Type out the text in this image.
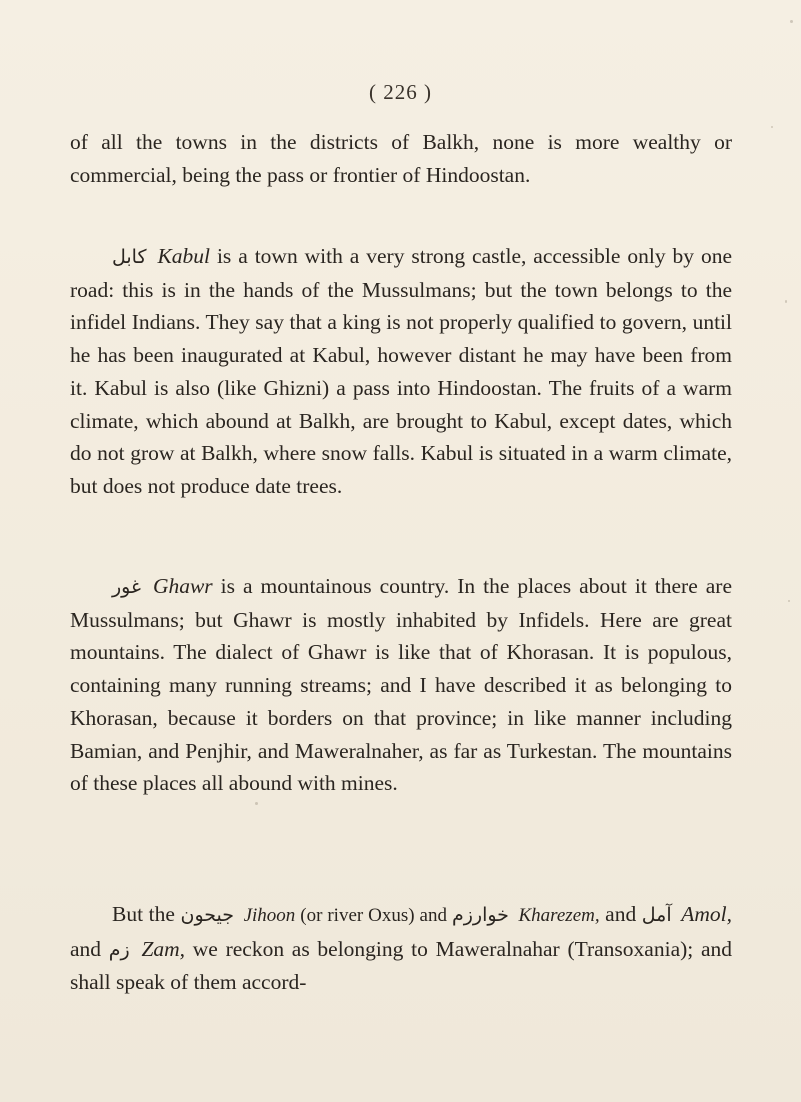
( 226 )

of all the towns in the districts of Balkh, none is more wealthy or commercial, being the pass or frontier of Hindoostan.

کابل Kabul is a town with a very strong castle, accessible only by one road: this is in the hands of the Mussulmans; but the town belongs to the infidel Indians. They say that a king is not properly qualified to govern, until he has been inaugurated at Kabul, however distant he may have been from it. Kabul is also (like Ghizni) a pass into Hindoostan. The fruits of a warm climate, which abound at Balkh, are brought to Kabul, except dates, which do not grow at Balkh, where snow falls. Kabul is situated in a warm climate, but does not produce date trees.

غور Ghawr is a mountainous country. In the places about it there are Mussulmans; but Ghawr is mostly inhabited by Infidels. Here are great mountains. The dialect of Ghawr is like that of Khorasan. It is populous, containing many running streams; and I have described it as belonging to Khorasan, because it borders on that province; in like manner including Bamian, and Penjhir, and Maweralnaher, as far as Turkestan. The mountains of these places all abound with mines.

But the جیحون Jihoon (or river Oxus) and خوارزم Kharezem, and آمل Amol, and زم Zam, we reckon as belonging to Maweralnahar (Transoxania); and shall speak of them accord-
